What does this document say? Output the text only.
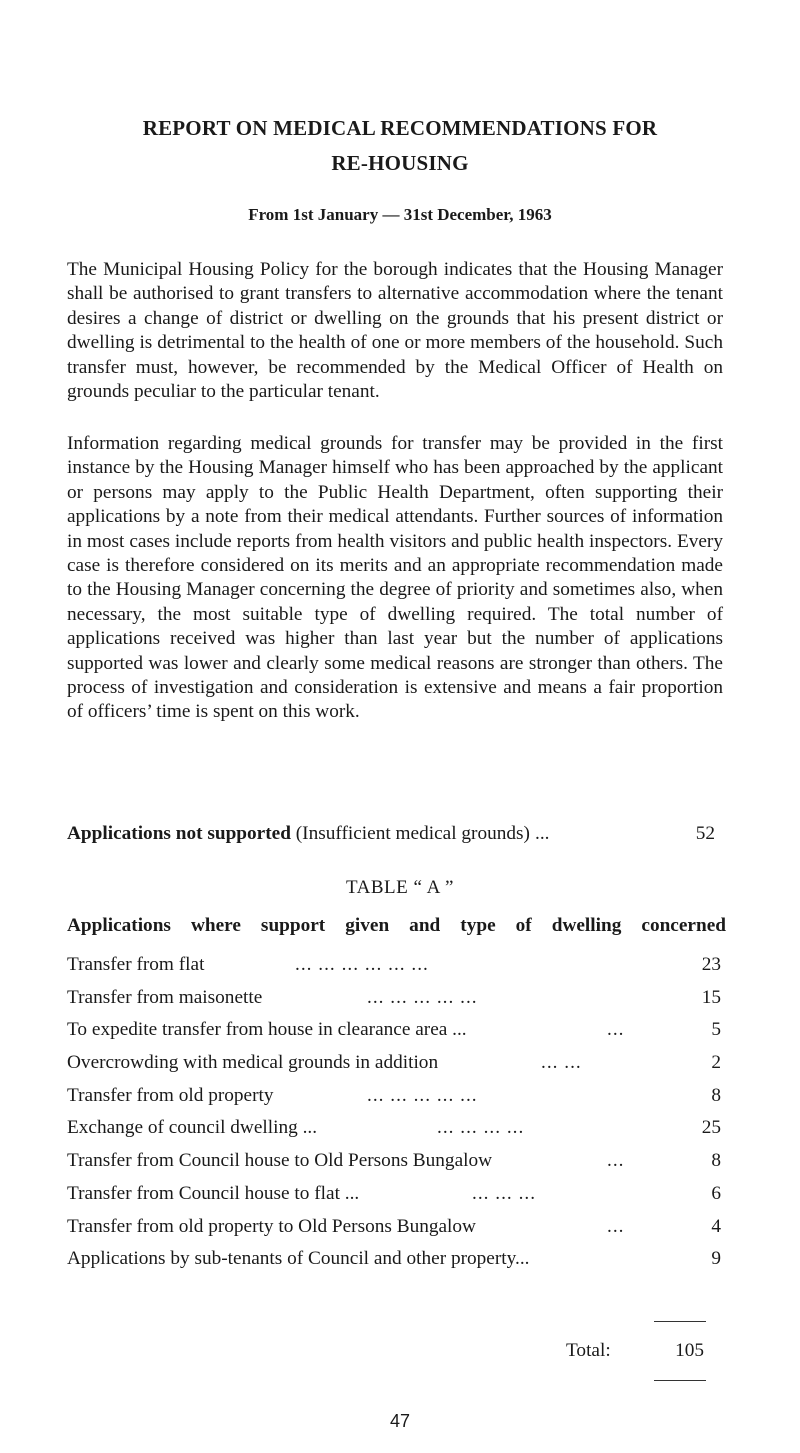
REPORT ON MEDICAL RECOMMENDATIONS FOR
RE-HOUSING
From 1st January — 31st December, 1963
The Municipal Housing Policy for the borough indicates that the Housing Manager shall be authorised to grant transfers to alternative accommodation where the tenant desires a change of district or dwelling on the grounds that his present district or dwelling is detrimental to the health of one or more members of the household. Such transfer must, however, be recommended by the Medical Officer of Health on grounds peculiar to the particular tenant.
Information regarding medical grounds for transfer may be provided in the first instance by the Housing Manager himself who has been approached by the applicant or persons may apply to the Public Health Department, often supporting their applications by a note from their medical attendants. Further sources of information in most cases include reports from health visitors and public health inspectors. Every case is therefore considered on its merits and an appropriate recommendation made to the Housing Manager concerning the degree of priority and sometimes also, when necessary, the most suitable type of dwelling required. The total number of applications received was higher than last year but the number of applications supported was lower and clearly some medical reasons are stronger than others. The process of investigation and consideration is extensive and means a fair proportion of officers’ time is spent on this work.
Applications not supported (Insufficient medical grounds) ...	52
TABLE “ A ”
Applications where support given and type of dwelling concerned
Transfer from flat	... ... ... ... ... ...	23
Transfer from maisonette	... ... ... ... ...	15
To expedite transfer from house in clearance area ...	...	5
Overcrowding with medical grounds in addition	... ...	2
Transfer from old property	... ... ... ... ...	8
Exchange of council dwelling ...	... ... ... ...	25
Transfer from Council house to Old Persons Bungalow	...	8
Transfer from Council house to flat ...	... ... ...	6
Transfer from old property to Old Persons Bungalow	...	4
Applications by sub-tenants of Council and other property...	9
Total:	105
47
